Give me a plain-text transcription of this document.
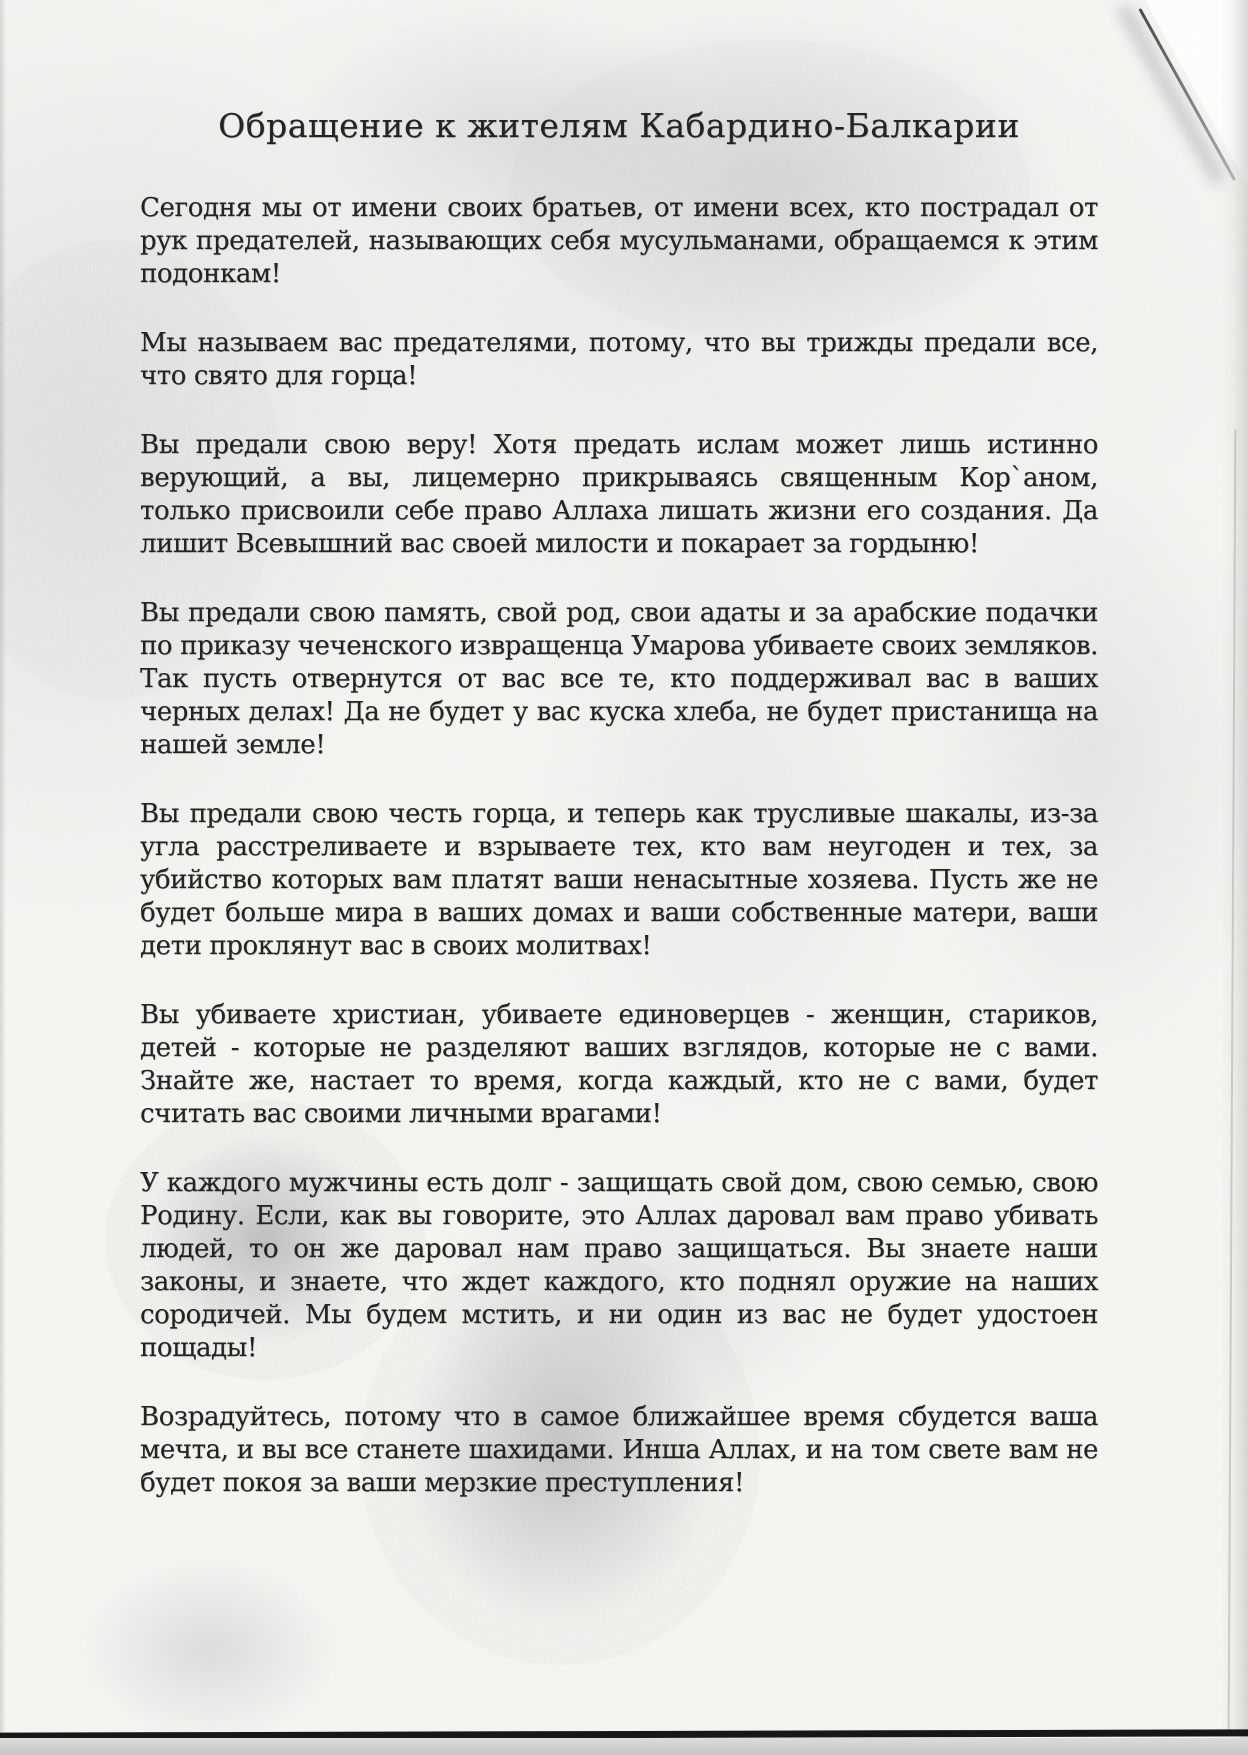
Обращение к жителям Кабардино-Балкарии

Сегодня мы от имени своих братьев, от имени всех, кто пострадал от рук предателей, называющих себя мусульманами, обращаемся к этим подонкам!

Мы называем вас предателями, потому, что вы трижды предали все, что свято для горца!

Вы предали свою веру! Хотя предать ислам может лишь истинно верующий, а вы, лицемерно прикрываясь священным Кор`аном, только присвоили себе право Аллаха лишать жизни его создания. Да лишит Всевышний вас своей милости и покарает за гордыню!

Вы предали свою память, свой род, свои адаты и за арабские подачки по приказу чеченского извращенца Умарова убиваете своих земляков. Так пусть отвернутся от вас все те, кто поддерживал вас в ваших черных делах! Да не будет у вас куска хлеба, не будет пристанища на нашей земле!

Вы предали свою честь горца, и теперь как трусливые шакалы, из-за угла расстреливаете и взрываете тех, кто вам неугоден и тех, за убийство которых вам платят ваши ненасытные хозяева. Пусть же не будет больше мира в ваших домах и ваши собственные матери, ваши дети проклянут вас в своих молитвах!

Вы убиваете христиан, убиваете единоверцев - женщин, стариков, детей - которые не разделяют ваших взглядов, которые не с вами. Знайте же, настает то время, когда каждый, кто не с вами, будет считать вас своими личными врагами!

У каждого мужчины есть долг - защищать свой дом, свою семью, свою Родину. Если, как вы говорите, это Аллах даровал вам право убивать людей, то он же даровал нам право защищаться. Вы знаете наши законы, и знаете, что ждет каждого, кто поднял оружие на наших сородичей. Мы будем мстить, и ни один из вас не будет удостоен пощады!

Возрадуйтесь, потому что в самое ближайшее время сбудется ваша мечта, и вы все станете шахидами. Инша Аллах, и на том свете вам не будет покоя за ваши мерзкие преступления!
